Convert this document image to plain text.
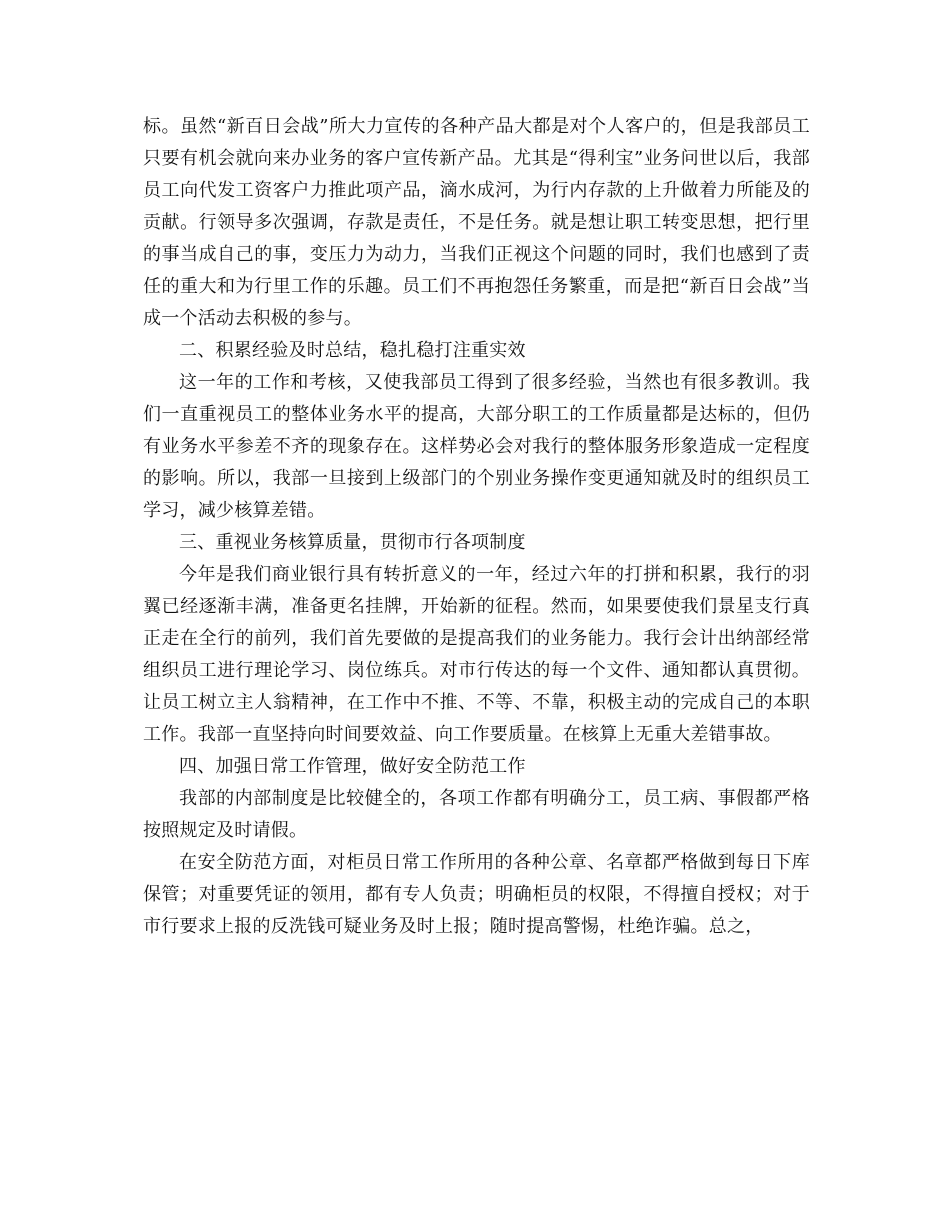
标。虽然“新百日会战”所大力宣传的各种产品大都是对个人客户的，但是我部员工只要有机会就向来办业务的客户宣传新产品。尤其是“得利宝”业务问世以后，我部员工向代发工资客户力推此项产品，滴水成河，为行内存款的上升做着力所能及的贡献。行领导多次强调，存款是责任，不是任务。就是想让职工转变思想，把行里的事当成自己的事，变压力为动力，当我们正视这个问题的同时，我们也感到了责任的重大和为行里工作的乐趣。员工们不再抱怨任务繁重，而是把“新百日会战”当成一个活动去积极的参与。

二、积累经验及时总结，稳扎稳打注重实效

这一年的工作和考核，又使我部员工得到了很多经验，当然也有很多教训。我们一直重视员工的整体业务水平的提高，大部分职工的工作质量都是达标的，但仍有业务水平参差不齐的现象存在。这样势必会对我行的整体服务形象造成一定程度的影响。所以，我部一旦接到上级部门的个别业务操作变更通知就及时的组织员工学习，减少核算差错。

三、重视业务核算质量，贯彻市行各项制度

今年是我们商业银行具有转折意义的一年，经过六年的打拼和积累，我行的羽翼已经逐渐丰满，准备更名挂牌，开始新的征程。然而，如果要使我们景星支行真正走在全行的前列，我们首先要做的是提高我们的业务能力。我行会计出纳部经常组织员工进行理论学习、岗位练兵。对市行传达的每一个文件、通知都认真贯彻。让员工树立主人翁精神，在工作中不推、不等、不靠，积极主动的完成自己的本职工作。我部一直坚持向时间要效益、向工作要质量。在核算上无重大差错事故。

四、加强日常工作管理，做好安全防范工作

我部的内部制度是比较健全的，各项工作都有明确分工，员工病、事假都严格按照规定及时请假。

在安全防范方面，对柜员日常工作所用的各种公章、名章都严格做到每日下库保管；对重要凭证的领用，都有专人负责；明确柜员的权限，不得擅自授权；对于市行要求上报的反洗钱可疑业务及时上报；随时提高警惕，杜绝诈骗。总之，
